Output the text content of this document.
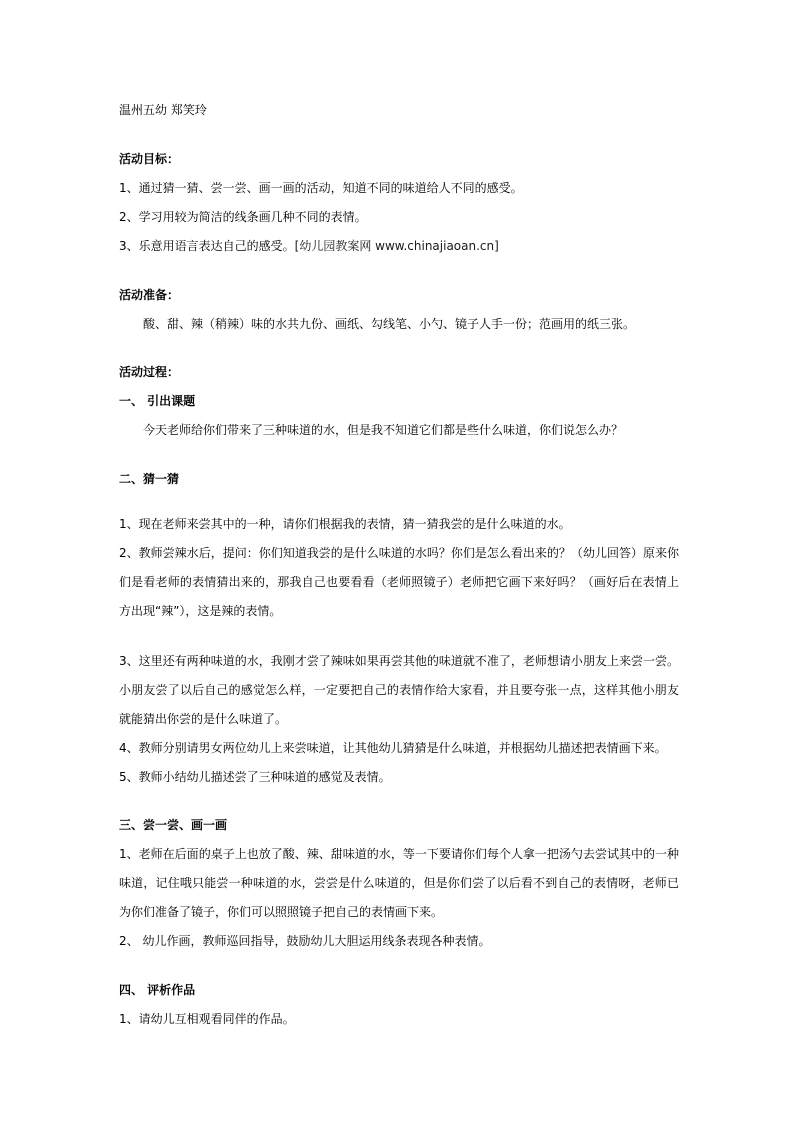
温州五幼 郑笑玲
活动目标：
1、通过猜一猜、尝一尝、画一画的活动，知道不同的味道给人不同的感受。
2、学习用较为简洁的线条画几种不同的表情。
3、乐意用语言表达自己的感受。[幼儿园教案网 www.chinajiaoan.cn]
活动准备：
酸、甜、辣（稍辣）味的水共九份、画纸、勾线笔、小勺、镜子人手一份；范画用的纸三张。
活动过程：
一、 引出课题
今天老师给你们带来了三种味道的水，但是我不知道它们都是些什么味道，你们说怎么办？
二、猜一猜
1、现在老师来尝其中的一种，请你们根据我的表情，猜一猜我尝的是什么味道的水。
2、教师尝辣水后，提问：你们知道我尝的是什么味道的水吗？你们是怎么看出来的？（幼儿回答）原来你们是看老师的表情猜出来的，那我自己也要看看（老师照镜子）老师把它画下来好吗？（画好后在表情上方出现“辣”），这是辣的表情。
3、这里还有两种味道的水，我刚才尝了辣味如果再尝其他的味道就不准了，老师想请小朋友上来尝一尝。小朋友尝了以后自己的感觉怎么样，一定要把自己的表情作给大家看，并且要夸张一点，这样其他小朋友就能猜出你尝的是什么味道了。
4、教师分别请男女两位幼儿上来尝味道，让其他幼儿猜猜是什么味道，并根据幼儿描述把表情画下来。
5、教师小结幼儿描述尝了三种味道的感觉及表情。
三、尝一尝、画一画
1、老师在后面的桌子上也放了酸、辣、甜味道的水，等一下要请你们每个人拿一把汤勺去尝试其中的一种味道，记住哦只能尝一种味道的水，尝尝是什么味道的，但是你们尝了以后看不到自己的表情呀，老师已为你们准备了镜子，你们可以照照镜子把自己的表情画下来。
2、 幼儿作画，教师巡回指导，鼓励幼儿大胆运用线条表现各种表情。
四、 评析作品
1、请幼儿互相观看同伴的作品。
